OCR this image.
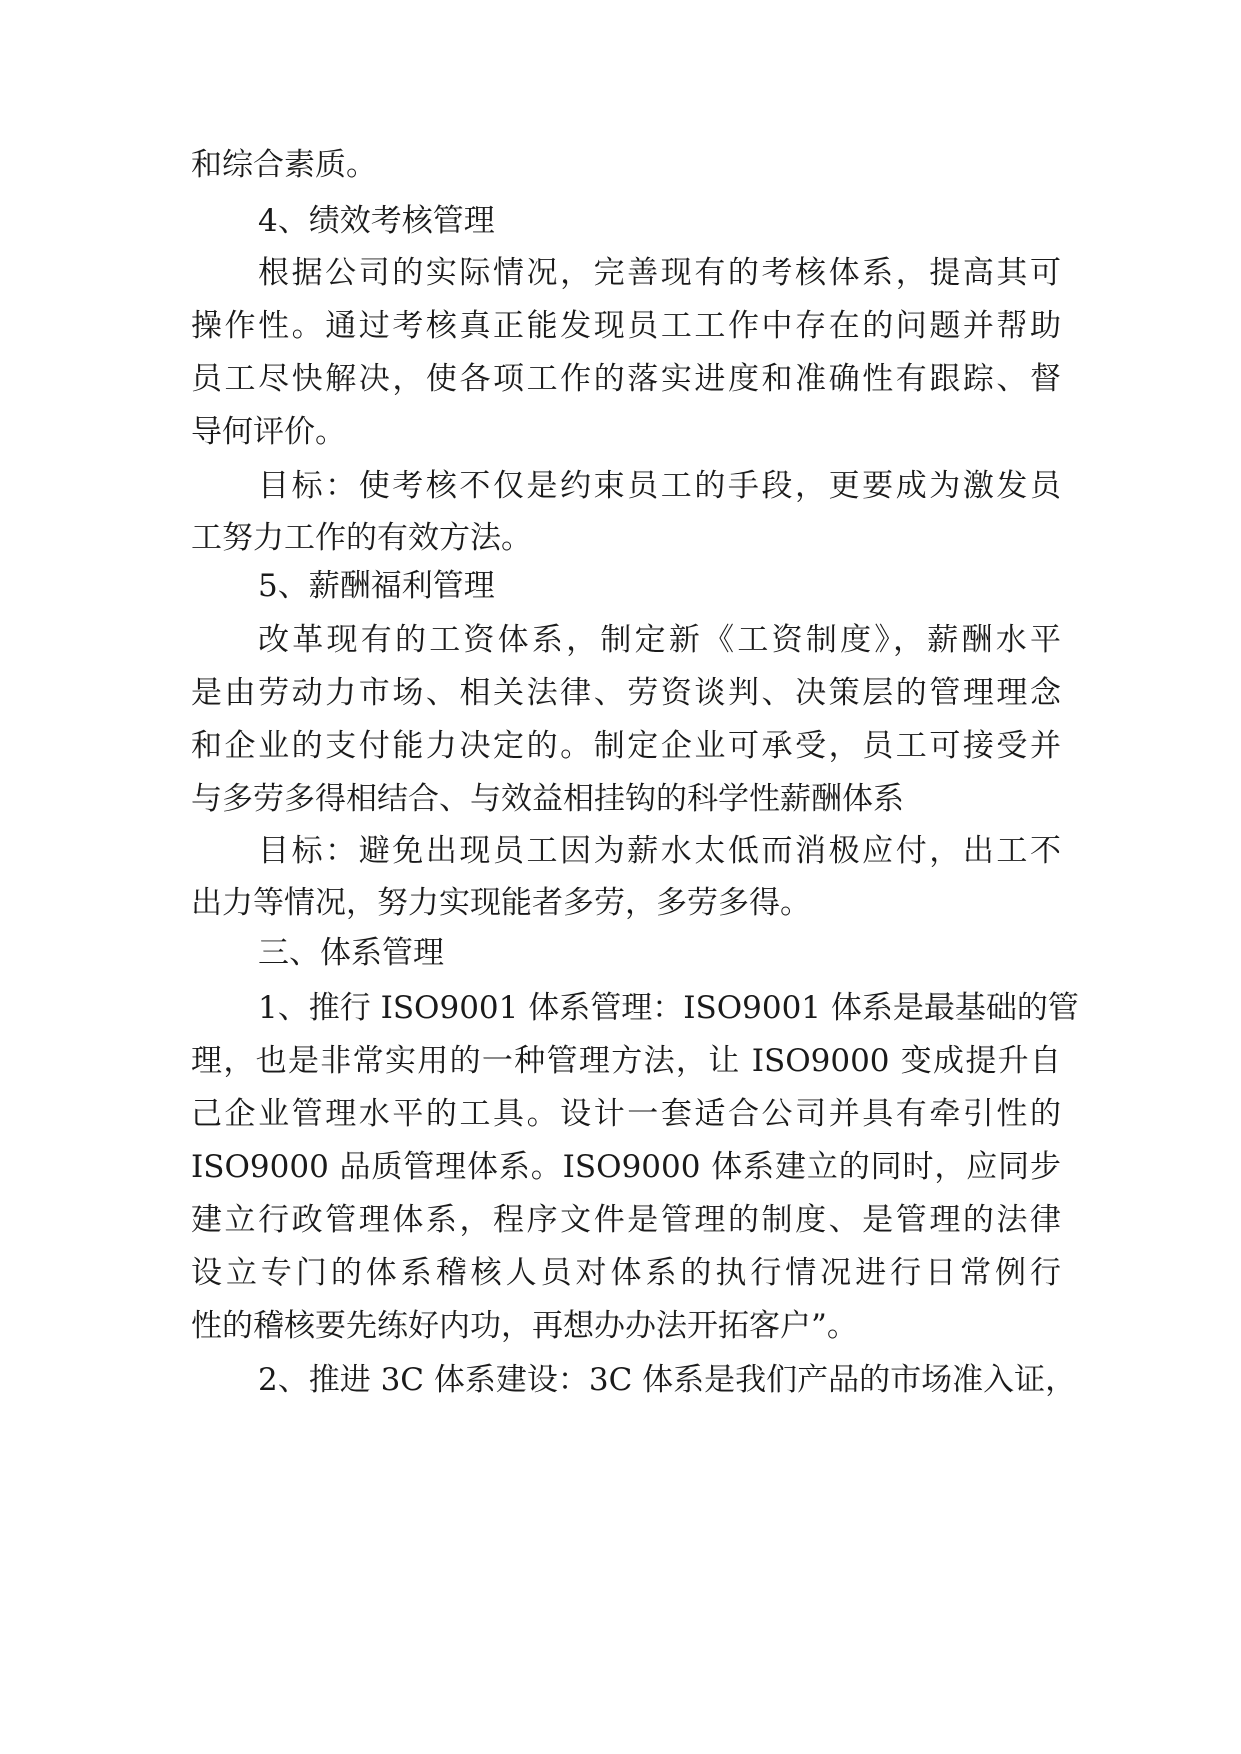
和综合素质。
4、绩效考核管理
根据公司的实际情况，完善现有的考核体系，提高其可
操作性。通过考核真正能发现员工工作中存在的问题并帮助
员工尽快解决，使各项工作的落实进度和准确性有跟踪、督
导何评价。
目标：使考核不仅是约束员工的手段，更要成为激发员
工努力工作的有效方法。
5、薪酬福利管理
改革现有的工资体系，制定新《工资制度》，薪酬水平
是由劳动力市场、相关法律、劳资谈判、决策层的管理理念
和企业的支付能力决定的。制定企业可承受，员工可接受并
与多劳多得相结合、与效益相挂钩的科学性薪酬体系
目标：避免出现员工因为薪水太低而消极应付，出工不
出力等情况，努力实现能者多劳，多劳多得。
三、体系管理
1、推行 ISO9001 体系管理：ISO9001 体系是最基础的管
理，也是非常实用的一种管理方法，让 ISO9000 变成提升自
己企业管理水平的工具。设计一套适合公司并具有牵引性的
ISO9000 品质管理体系。ISO9000 体系建立的同时，应同步
建立行政管理体系，程序文件是管理的制度、是管理的法律
设立专门的体系稽核人员对体系的执行情况进行日常例行
性的稽核要先练好内功，再想办办法开拓客户”。
2、推进 3C 体系建设：3C 体系是我们产品的市场准入证，
